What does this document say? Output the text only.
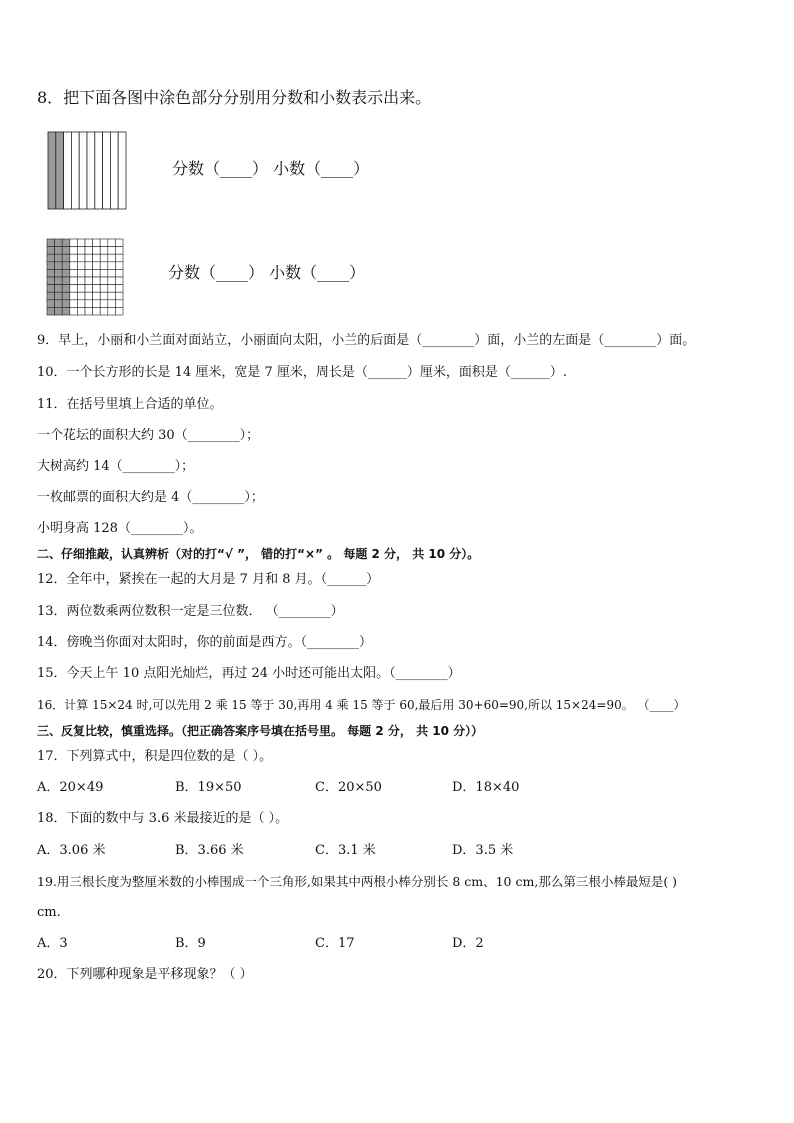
8．把下面各图中涂色部分分别用分数和小数表示出来。
分数（____） 小数（____）
分数（____） 小数（____）
9．早上，小丽和小兰面对面站立，小丽面向太阳，小兰的后面是（________）面，小兰的左面是（________）面。
10．一个长方形的长是 14 厘米，宽是 7 厘米，周长是（______）厘米，面积是（______）.
11．在括号里填上合适的单位。
一个花坛的面积大约 30（________）；
大树高约 14（________）；
一枚邮票的面积大约是 4（________）；
小明身高 128（________）。
二、仔细推敲，认真辨析（对的打“√ ”， 错的打“×” 。 每题 2 分， 共 10 分）。
12．全年中，紧挨在一起的大月是 7 月和 8 月。（______）
13．两位数乘两位数积一定是三位数． （________）
14．傍晚当你面对太阳时，你的前面是西方。（________）
15．今天上午 10 点阳光灿烂，再过 24 小时还可能出太阳。（________）
16．计算 15×24 时,可以先用 2 乘 15 等于 30,再用 4 乘 15 等于 60,最后用 30+60=90,所以 15×24=90。 （____）
三、反复比较，慎重选择。（把正确答案序号填在括号里。 每题 2 分， 共 10 分））
17．下列算式中，积是四位数的是（ ）。
A．20×49	B．19×50	C．20×50	D．18×40
18．下面的数中与 3.6 米最接近的是（ ）。
A．3.06 米	B．3.66 米	C．3.1 米	D．3.5 米
19.用三根长度为整厘米数的小棒围成一个三角形,如果其中两根小棒分别长 8 cm、10 cm,那么第三根小棒最短是( )
cm.
A．3	B．9	C．17	D．2
20．下列哪种现象是平移现象？（ ）
